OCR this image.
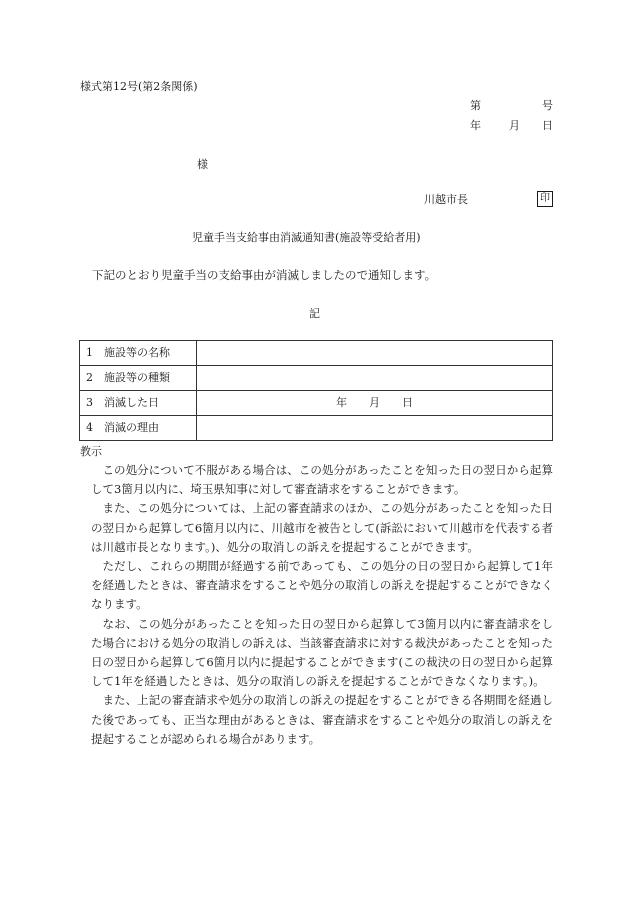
様式第12号(第2条関係)
第	号
年	月 日
様
川越市長	印
児童手当支給事由消滅通知書(施設等受給者用)
下記のとおり児童手当の支給事由が消滅しましたので通知します。
記
1 施設等の名称	
2 施設等の種類	
3 消滅した日	年　　月　　日
4 消滅の理由	
教示

この処分について不服がある場合は、この処分があったことを知った日の翌日から起算して3箇月以内に、埼玉県知事に対して審査請求をすることができます。

また、この処分については、上記の審査請求のほか、この処分があったことを知った日の翌日から起算して6箇月以内に、川越市を被告として(訴訟において川越市を代表する者は川越市長となります。)、処分の取消しの訴えを提起することができます。

ただし、これらの期間が経過する前であっても、この処分の日の翌日から起算して1年を経過したときは、審査請求をすることや処分の取消しの訴えを提起することができなくなります。

なお、この処分があったことを知った日の翌日から起算して3箇月以内に審査請求をした場合における処分の取消しの訴えは、当該審査請求に対する裁決があったことを知った日の翌日から起算して6箇月以内に提起することができます(この裁決の日の翌日から起算して1年を経過したときは、処分の取消しの訴えを提起することができなくなります。)。

また、上記の審査請求や処分の取消しの訴えの提起をすることができる各期間を経過した後であっても、正当な理由があるときは、審査請求をすることや処分の取消しの訴えを提起することが認められる場合があります。
